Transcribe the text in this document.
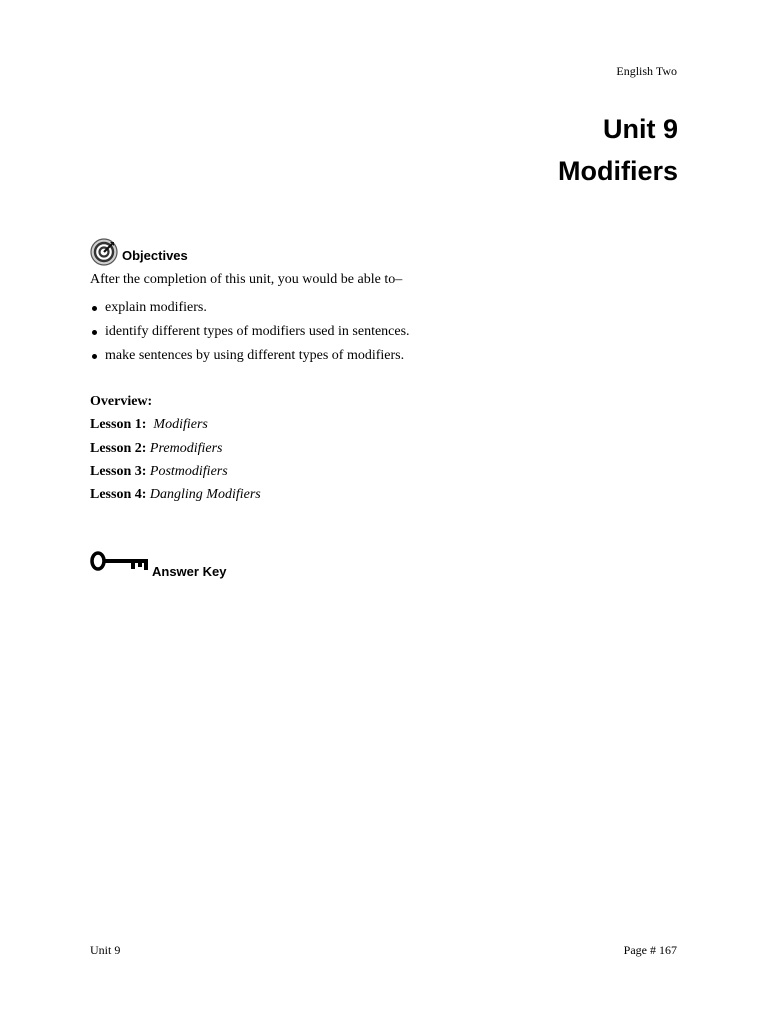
English Two
Unit 9
Modifiers
Objectives
After the completion of this unit, you would be able to–
explain modifiers.
identify different types of modifiers used in sentences.
make sentences by using different types of modifiers.
Overview:
Lesson 1: Modifiers
Lesson 2: Premodifiers
Lesson 3: Postmodifiers
Lesson 4: Dangling Modifiers
Answer Key
Unit 9	Page # 167
